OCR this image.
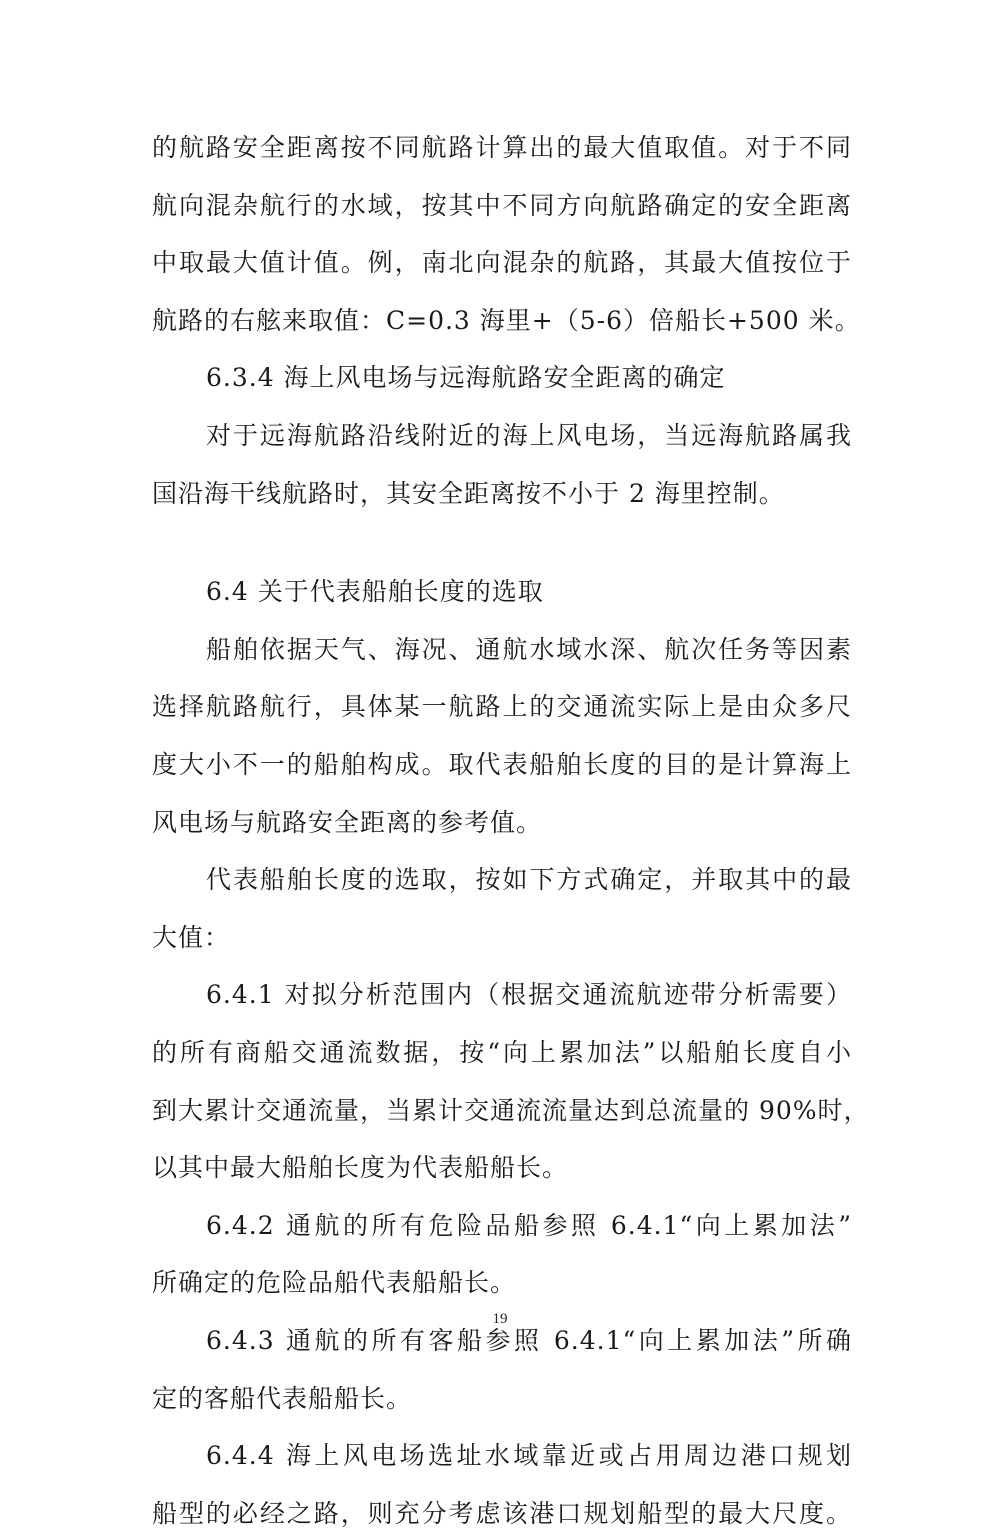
的航路安全距离按不同航路计算出的最大值取值。对于不同
航向混杂航行的水域，按其中不同方向航路确定的安全距离
中取最大值计值。例，南北向混杂的航路，其最大值按位于
航路的右舷来取值：C=0.3 海里+（5-6）倍船长+500 米。
6.3.4 海上风电场与远海航路安全距离的确定
对于远海航路沿线附近的海上风电场，当远海航路属我
国沿海干线航路时，其安全距离按不小于 2 海里控制。
6.4 关于代表船舶长度的选取
船舶依据天气、海况、通航水域水深、航次任务等因素
选择航路航行，具体某一航路上的交通流实际上是由众多尺
度大小不一的船舶构成。取代表船舶长度的目的是计算海上
风电场与航路安全距离的参考值。
代表船舶长度的选取，按如下方式确定，并取其中的最
大值：
6.4.1 对拟分析范围内（根据交通流航迹带分析需要）
的所有商船交通流数据，按“向上累加法”以船舶长度自小
到大累计交通流量，当累计交通流流量达到总流量的 90%时，
以其中最大船舶长度为代表船船长。
6.4.2 通航的所有危险品船参照 6.4.1“向上累加法”
所确定的危险品船代表船船长。
6.4.3 通航的所有客船参照 6.4.1“向上累加法”所确
定的客船代表船船长。
6.4.4 海上风电场选址水域靠近或占用周边港口规划
船型的必经之路，则充分考虑该港口规划船型的最大尺度。
19
